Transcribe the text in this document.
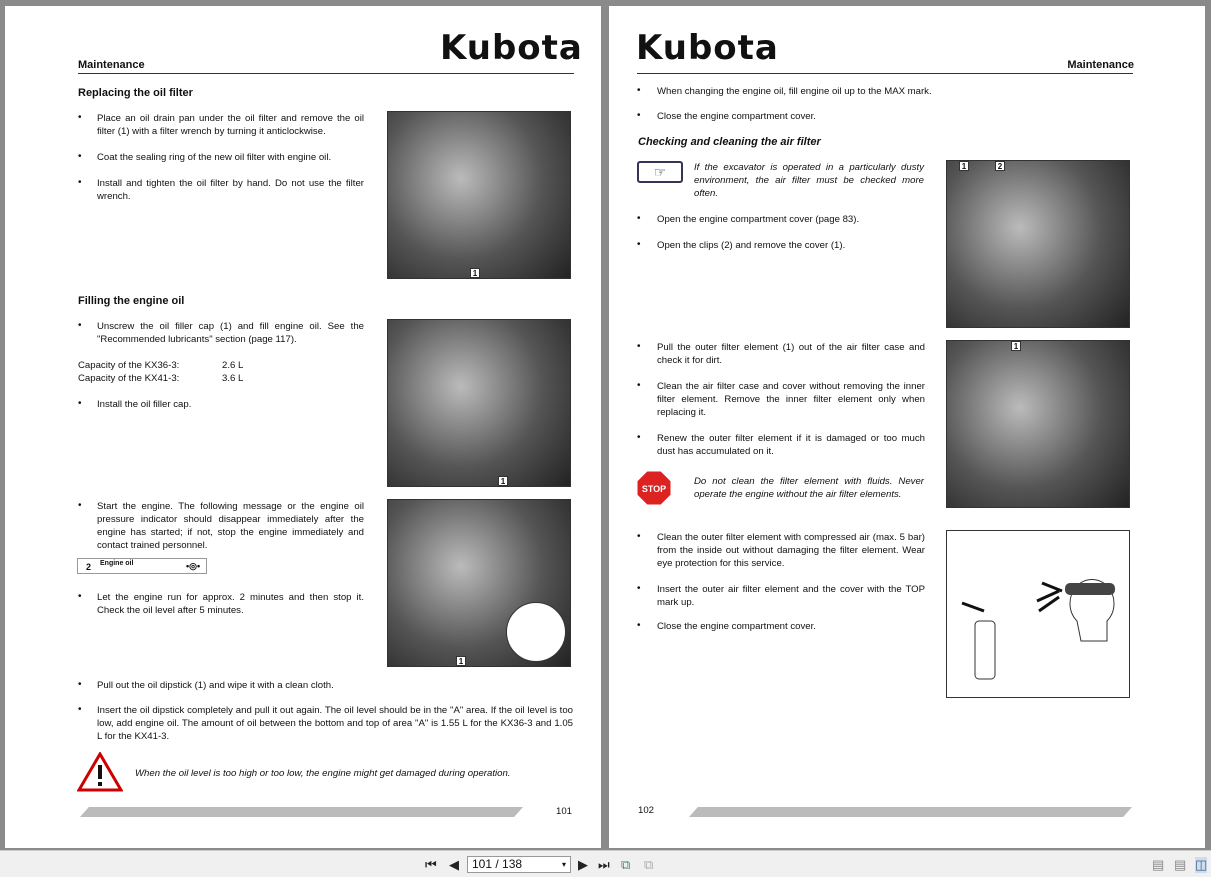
Kubota
Maintenance
Replacing the oil filter
• Place an oil drain pan under the oil filter and remove the oil filter (1) with a filter wrench by turning it anticlockwise.
• Coat the sealing ring of the new oil filter with engine oil.
• Install and tighten the oil filter by hand. Do not use the filter wrench.
1
Filling the engine oil
• Unscrew the oil filler cap (1) and fill engine oil. See the "Recommended lubricants" section (page 117).
Capacity of the KX36-3:	2.6 L
Capacity of the KX41-3:	3.6 L
• Install the oil filler cap.
1
• Start the engine. The following message or the engine oil pressure indicator should disappear immediately after the engine has started; if not, stop the engine immediately and contact trained personnel.
2 Engine oil	•◎•
• Let the engine run for approx. 2 minutes and then stop it. Check the oil level after 5 minutes.
1
• Pull out the oil dipstick (1) and wipe it with a clean cloth.
• Insert the oil dipstick completely and pull it out again. The oil level should be in the "A" area. If the oil level is too low, add engine oil. The amount of oil between the bottom and top of area "A" is 1.55 L for the KX36-3 and 1.05 L for the KX41-3.
When the oil level is too high or too low, the engine might get damaged during operation.
101
Kubota	Maintenance
• When changing the engine oil, fill engine oil up to the MAX mark.
• Close the engine compartment cover.
Checking and cleaning the air filter
☞	If the excavator is operated in a particularly dusty environment, the air filter must be checked more often.
• Open the engine compartment cover (page 83).
• Open the clips (2) and remove the cover (1).
1	2
• Pull the outer filter element (1) out of the air filter case and check it for dirt.
• Clean the air filter case and cover without removing the inner filter element. Remove the inner filter element only when replacing it.
• Renew the outer filter element if it is damaged or too much dust has accumulated on it.
1
STOP
Do not clean the filter element with fluids. Never operate the engine without the air filter elements.
• Clean the outer filter element with compressed air (max. 5 bar) from the inside out without damaging the filter element. Wear eye protection for this service.
• Insert the outer air filter element and the cover with the TOP mark up.
• Close the engine compartment cover.
102
⏮ ◀	101 / 138	▾ ▶ ⏭ ⧉ ⧉	▤ ▤ ◫
